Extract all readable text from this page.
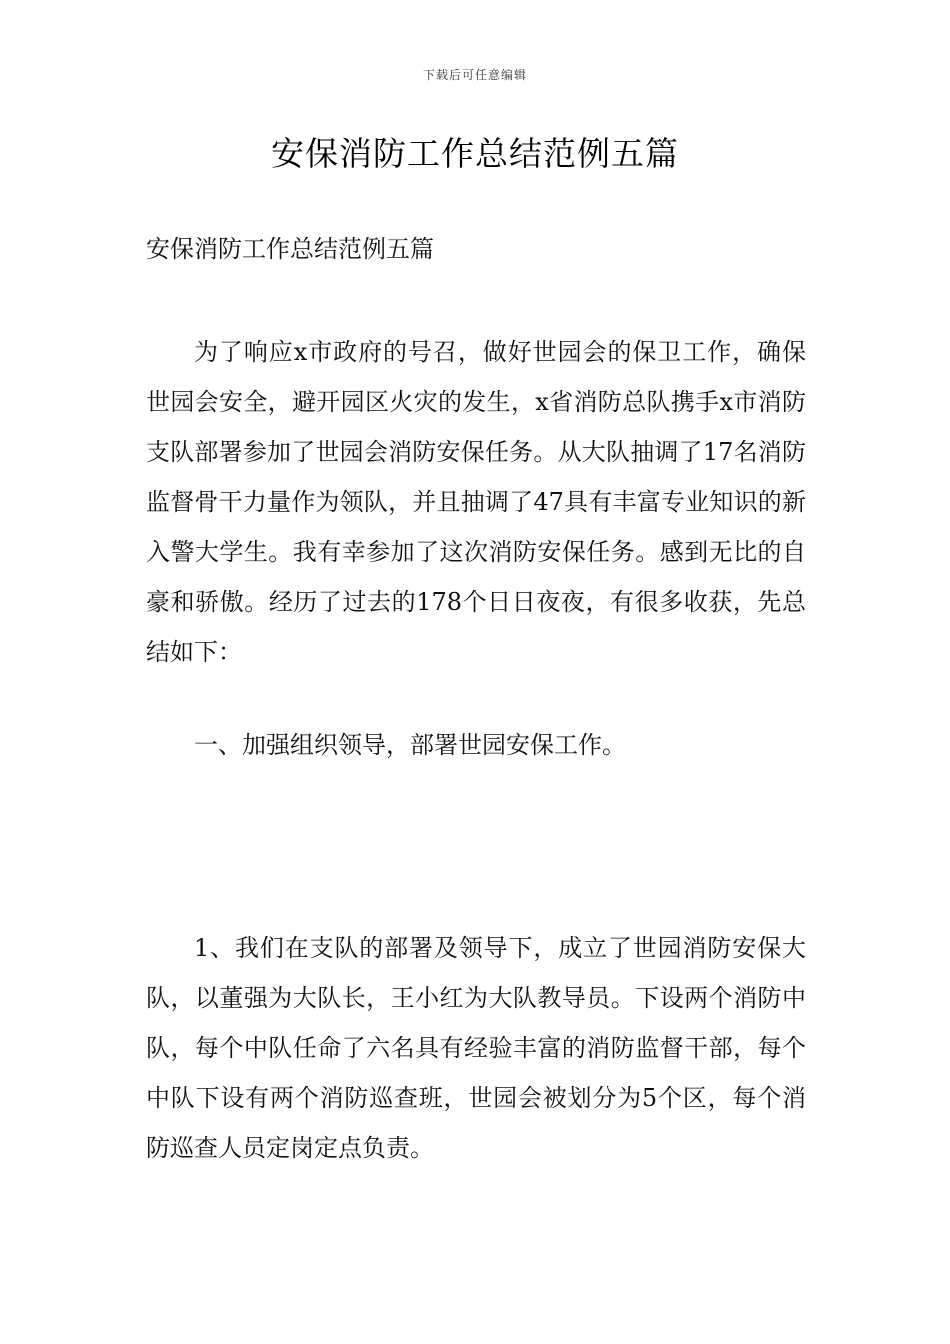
下载后可任意编辑
安保消防工作总结范例五篇

安保消防工作总结范例五篇

为了响应x市政府的号召，做好世园会的保卫工作，确保世园会安全，避开园区火灾的发生，x省消防总队携手x市消防支队部署参加了世园会消防安保任务。从大队抽调了17名消防监督骨干力量作为领队，并且抽调了47具有丰富专业知识的新入警大学生。我有幸参加了这次消防安保任务。感到无比的自豪和骄傲。经历了过去的178个日日夜夜，有很多收获，先总结如下：

一、加强组织领导，部署世园安保工作。

1、我们在支队的部署及领导下，成立了世园消防安保大队，以董强为大队长，王小红为大队教导员。下设两个消防中队，每个中队任命了六名具有经验丰富的消防监督干部，每个中队下设有两个消防巡查班，世园会被划分为5个区，每个消防巡查人员定岗定点负责。
